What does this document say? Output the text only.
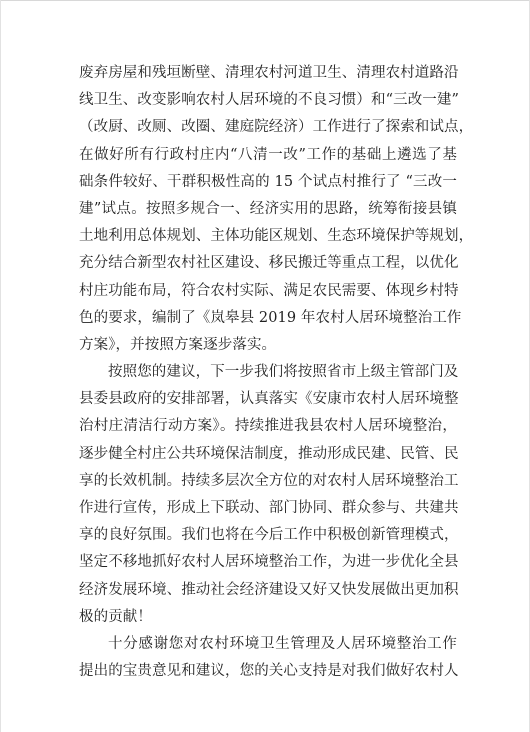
废弃房屋和残垣断壁、清理农村河道卫生、清理农村道路沿
线卫生、改变影响农村人居环境的不良习惯）和“三改一建”
（改厨、改厕、改圈、建庭院经济）工作进行了探索和试点，
在做好所有行政村庄内“八清一改”工作的基础上遴选了基
础条件较好、干群积极性高的 15 个试点村推行了 “三改一
建”试点。按照多规合一、经济实用的思路，统筹衔接县镇
土地利用总体规划、主体功能区规划、生态环境保护等规划，
充分结合新型农村社区建设、移民搬迁等重点工程，以优化
村庄功能布局，符合农村实际、满足农民需要、体现乡村特
色的要求，编制了《岚皋县 2019 年农村人居环境整治工作
方案》，并按照方案逐步落实。
按照您的建议，下一步我们将按照省市上级主管部门及
县委县政府的安排部署，认真落实《安康市农村人居环境整
治村庄清洁行动方案》。持续推进我县农村人居环境整治，
逐步健全村庄公共环境保洁制度，推动形成民建、民管、民
享的长效机制。持续多层次全方位的对农村人居环境整治工
作进行宣传，形成上下联动、部门协同、群众参与、共建共
享的良好氛围。我们也将在今后工作中积极创新管理模式，
坚定不移地抓好农村人居环境整治工作，为进一步优化全县
经济发展环境、推动社会经济建设又好又快发展做出更加积
极的贡献！
十分感谢您对农村环境卫生管理及人居环境整治工作
提出的宝贵意见和建议，您的关心支持是对我们做好农村人
